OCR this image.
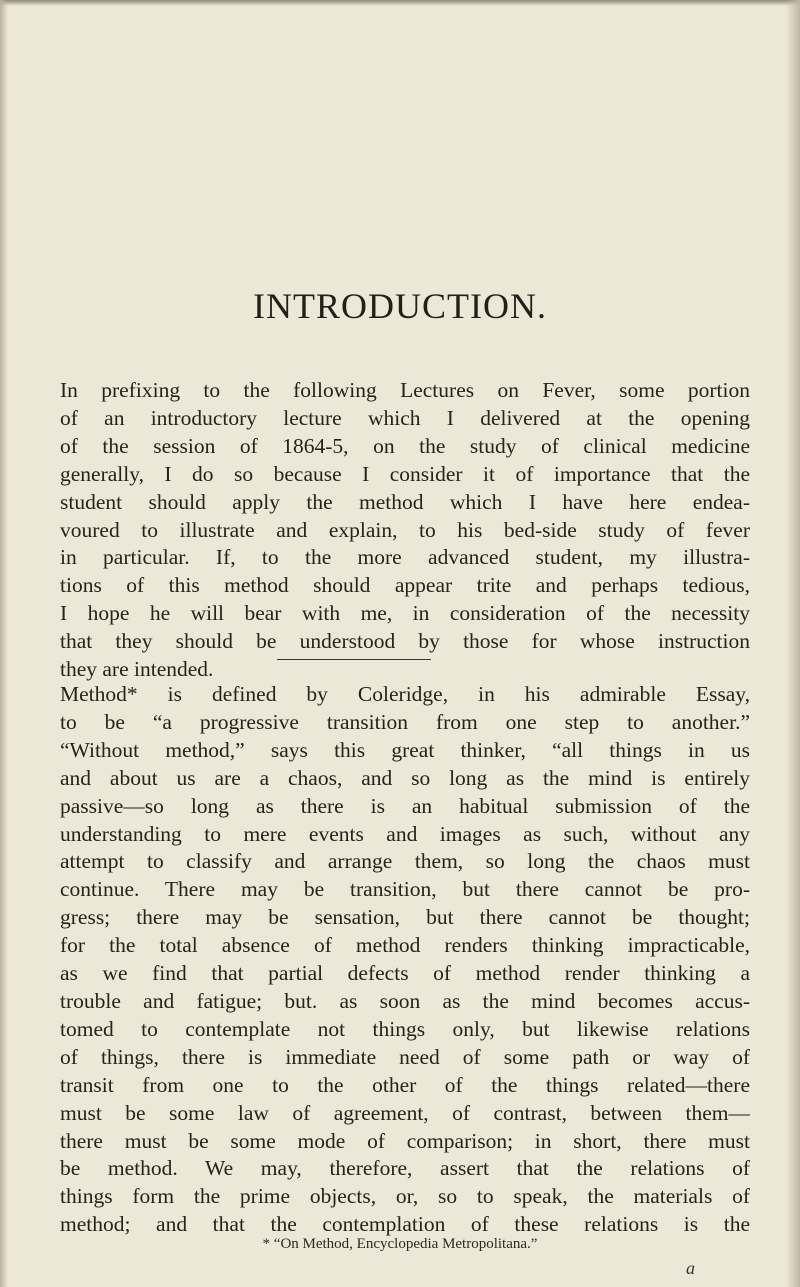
INTRODUCTION.
In prefixing to the following Lectures on Fever, some portion
of an introductory lecture which I delivered at the opening
of the session of 1864-5, on the study of clinical medicine
generally, I do so because I consider it of importance that the
student should apply the method which I have here endea-
voured to illustrate and explain, to his bed-side study of fever
in particular. If, to the more advanced student, my illustra-
tions of this method should appear trite and perhaps tedious,
I hope he will bear with me, in consideration of the necessity
that they should be understood by those for whose instruction
they are intended.
Method* is defined by Coleridge, in his admirable Essay,
to be “a progressive transition from one step to another.”
“Without method,” says this great thinker, “all things in us
and about us are a chaos, and so long as the mind is entirely
passive—so long as there is an habitual submission of the
understanding to mere events and images as such, without any
attempt to classify and arrange them, so long the chaos must
continue. There may be transition, but there cannot be pro-
gress; there may be sensation, but there cannot be thought;
for the total absence of method renders thinking impracticable,
as we find that partial defects of method render thinking a
trouble and fatigue; but. as soon as the mind becomes accus-
tomed to contemplate not things only, but likewise relations
of things, there is immediate need of some path or way of
transit from one to the other of the things related—there
must be some law of agreement, of contrast, between them—
there must be some mode of comparison; in short, there must
be method. We may, therefore, assert that the relations of
things form the prime objects, or, so to speak, the materials of
method; and that the contemplation of these relations is the
* “On Method, Encyclopedia Metropolitana.”
a
